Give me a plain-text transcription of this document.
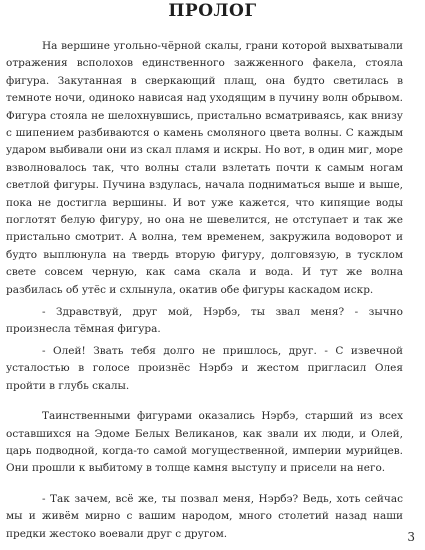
ПРОЛОГ

На вершине угольно-чёрной скалы, грани которой выхватывали отражения всполохов единственного зажженного факела, стояла фигура. Закутанная в сверкающий плащ, она будто светилась в темноте ночи, одиноко нависая над уходящим в пучину волн обрывом. Фигура стояла не шелохнувшись, пристально всматриваясь, как внизу с шипением разбиваются о камень смоляного цвета волны. С каждым ударом выбивали они из скал пламя и искры. Но вот, в один миг, море взволновалось так, что волны стали взлетать почти к самым ногам светлой фигуры. Пучина вздулась, начала подниматься выше и выше, пока не достигла вершины. И вот уже кажется, что кипящие воды поглотят белую фигуру, но она не шевелится, не отступает и так же пристально смотрит. А волна, тем временем, закружила водоворот и будто выплюнула на твердь вторую фигуру, долговязую, в тусклом свете совсем черную, как сама скала и вода. И тут же волна разбилась об утёс и схлынула, окатив обе фигуры каскадом искр.

- Здравствуй, друг мой, Нэрбэ, ты звал меня? - зычно произнесла тёмная фигура.

- Олей! Звать тебя долго не пришлось, друг. - С извечной усталостью в голосе произнёс Нэрбэ и жестом пригласил Олея пройти в глубь скалы.

Таинственными фигурами оказались Нэрбэ, старший из всех оставшихся на Эдоме Белых Великанов, как звали их люди, и Олей, царь подводной, когда-то самой могущественной, империи мурийцев. Они прошли к выбитому в толще камня выступу и присели на него.

- Так зачем, всё же, ты позвал меня, Нэрбэ? Ведь, хоть сейчас мы и живём мирно с вашим народом, много столетий назад наши предки жестоко воевали друг с другом.	3
